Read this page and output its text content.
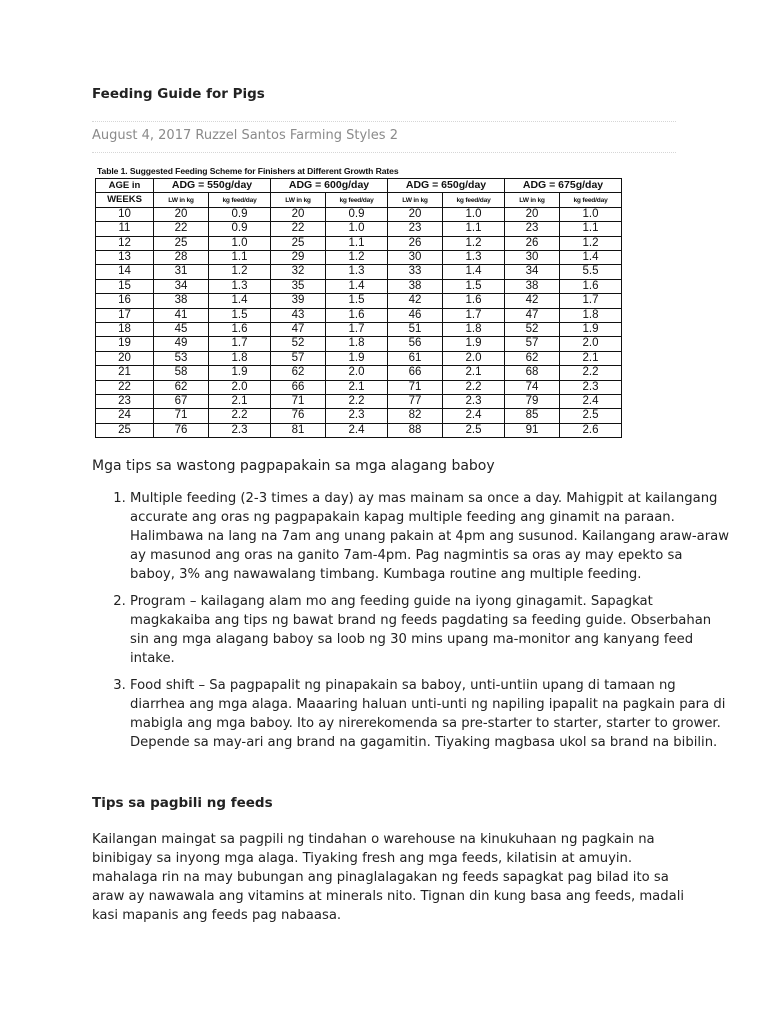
Feeding Guide for Pigs
August 4, 2017 Ruzzel Santos Farming Styles 2
Table 1. Suggested Feeding Scheme for Finishers at Different Growth Rates
AGE in	ADG = 550g/day		ADG = 600g/day		ADG = 650g/day		ADG = 675g/day	
WEEKS	LW in kg	kg feed/day	LW in kg	kg feed/day	LW in kg	kg feed/day	LW in kg	kg feed/day
10	20	0.9	20	0.9	20	1.0	20	1.0
11	22	0.9	22	1.0	23	1.1	23	1.1
12	25	1.0	25	1.1	26	1.2	26	1.2
13	28	1.1	29	1.2	30	1.3	30	1.4
14	31	1.2	32	1.3	33	1.4	34	5.5
15	34	1.3	35	1.4	38	1.5	38	1.6
16	38	1.4	39	1.5	42	1.6	42	1.7
17	41	1.5	43	1.6	46	1.7	47	1.8
18	45	1.6	47	1.7	51	1.8	52	1.9
19	49	1.7	52	1.8	56	1.9	57	2.0
20	53	1.8	57	1.9	61	2.0	62	2.1
21	58	1.9	62	2.0	66	2.1	68	2.2
22	62	2.0	66	2.1	71	2.2	74	2.3
23	67	2.1	71	2.2	77	2.3	79	2.4
24	71	2.2	76	2.3	82	2.4	85	2.5
25	76	2.3	81	2.4	88	2.5	91	2.6

Mga tips sa wastong pagpapakain sa mga alagang baboy
1. Multiple feeding (2-3 times a day) ay mas mainam sa once a day. Mahigpit at kailangang accurate ang oras ng pagpapakain kapag multiple feeding ang ginamit na paraan. Halimbawa na lang na 7am ang unang pakain at 4pm ang susunod. Kailangang araw-araw ay masunod ang oras na ganito 7am-4pm. Pag nagmintis sa oras ay may epekto sa baboy, 3% ang nawawalang timbang. Kumbaga routine ang multiple feeding.
2. Program – kailagang alam mo ang feeding guide na iyong ginagamit. Sapagkat magkakaiba ang tips ng bawat brand ng feeds pagdating sa feeding guide. Obserbahan sin ang mga alagang baboy sa loob ng 30 mins upang ma-monitor ang kanyang feed intake.
3. Food shift – Sa pagpapalit ng pinapakain sa baboy, unti-untiin upang di tamaan ng diarrhea ang mga alaga. Maaaring haluan unti-unti ng napiling ipapalit na pagkain para di mabigla ang mga baboy. Ito ay nirerekomenda sa pre-starter to starter, starter to grower. Depende sa may-ari ang brand na gagamitin. Tiyaking magbasa ukol sa brand na bibilin.
Tips sa pagbili ng feeds

Kailangan maingat sa pagpili ng tindahan o warehouse na kinukuhaan ng pagkain na binibigay sa inyong mga alaga. Tiyaking fresh ang mga feeds, kilatisin at amuyin. mahalaga rin na may bubungan ang pinaglalagakan ng feeds sapagkat pag bilad ito sa araw ay nawawala ang vitamins at minerals nito. Tignan din kung basa ang feeds, madali kasi mapanis ang feeds pag nabaasa.
